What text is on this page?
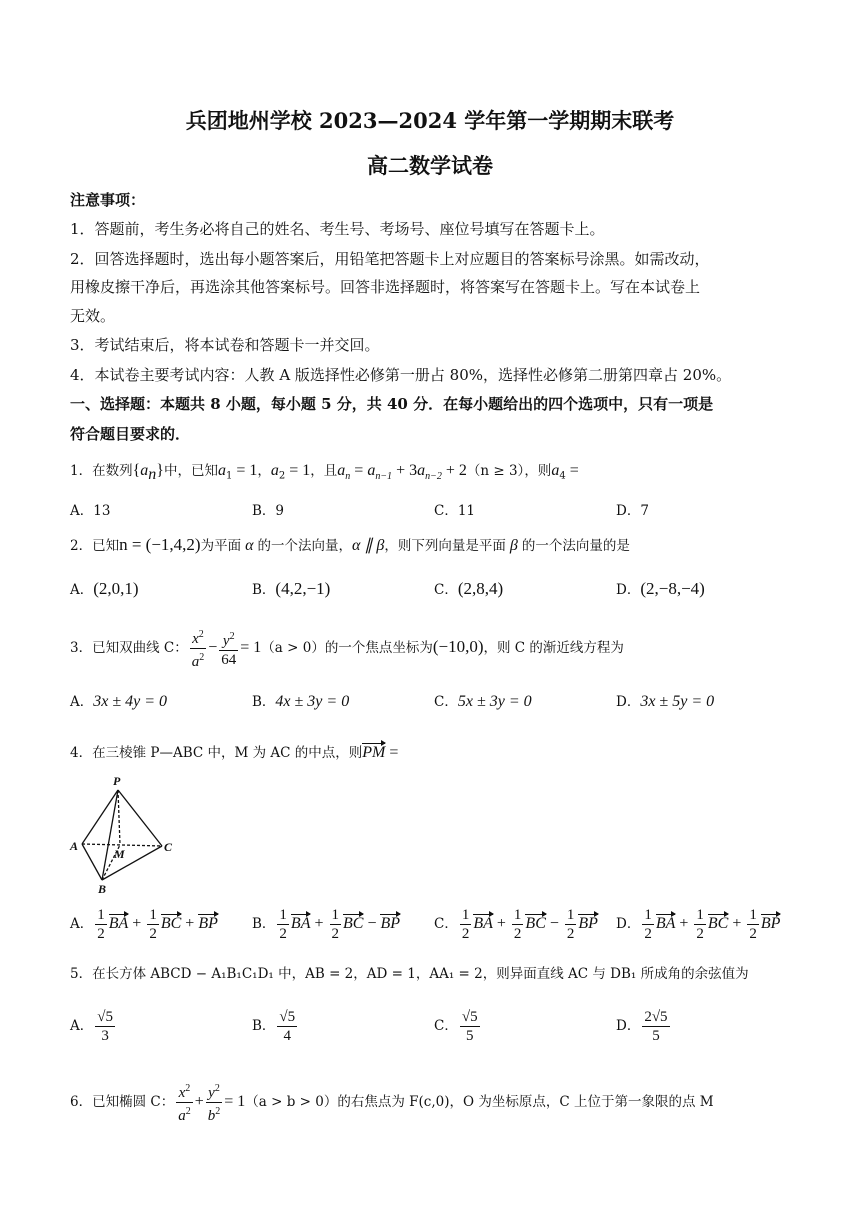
兵团地州学校 2023—2024 学年第一学期期末联考
高二数学试卷
注意事项：
1．答题前，考生务必将自己的姓名、考生号、考场号、座位号填写在答题卡上。
2．回答选择题时，选出每小题答案后，用铅笔把答题卡上对应题目的答案标号涂黑。如需改动，
用橡皮擦干净后，再选涂其他答案标号。回答非选择题时，将答案写在答题卡上。写在本试卷上
无效。
3．考试结束后，将本试卷和答题卡一并交回。
4．本试卷主要考试内容：人教 A 版选择性必修第一册占 80%，选择性必修第二册第四章占 20%。
一、选择题：本题共 8 小题，每小题 5 分，共 40 分．在每小题给出的四个选项中，只有一项是
符合题目要求的．
1．在数列$\{a_n\}$中，已知$a_1 = 1$，$a_2 = 1$，且$a_n = a_{n-1} + 3a_{n-2} + 2(n \ge 3)$，则$a_4$ =
A．13	B．9	C．11	D．7
2．已知n = (−1,4,2)为平面 α 的一个法向量，α ∥ β，则下列向量是平面 β 的一个法向量的是
A．(2,0,1)	B．(4,2,−1)	C．(2,8,4)	D．(2,−8,−4)
3．已知双曲线 C： $\frac{x^2}{a^2} - \frac{y^2}{64} = 1(a > 0)$的一个焦点坐标为(−10,0)，则 C 的渐近线方程为
A．3x ± 4y = 0	B．4x ± 3y = 0	C．5x ± 3y = 0	D．3x ± 5y = 0
4．在三棱锥 P—ABC 中，M 为 AC 的中点，则PM =
P
A
M	C
B
A． $\frac{1}{2}$ BA + $\frac{1}{2}$ BC + BP	B． $\frac{1}{2}$ BA + $\frac{1}{2}$ BC − BP	C． $\frac{1}{2}$ BA + $\frac{1}{2}$ BC − $\frac{1}{2}$ BP D． $\frac{1}{2}$ BA + $\frac{1}{2}$ BC + $\frac{1}{2}$ BP
5．在长方体 ABCD − A₁B₁C₁D₁ 中，AB = 2，AD = 1，AA₁ = 2，则异面直线 AC 与 DB₁ 所成角的余弦值为
A． $\frac{√5}{3}$	B． $\frac{√5}{4}$	C． $\frac{√5}{5}$	D． $\frac{2√5}{5}$
6．已知椭圆 C： $\frac{x^2}{a^2} + \frac{y^2}{b^2} = 1(a > b > 0)$的右焦点为 F(c,0)，O 为坐标原点，C 上位于第一象限的点 M
